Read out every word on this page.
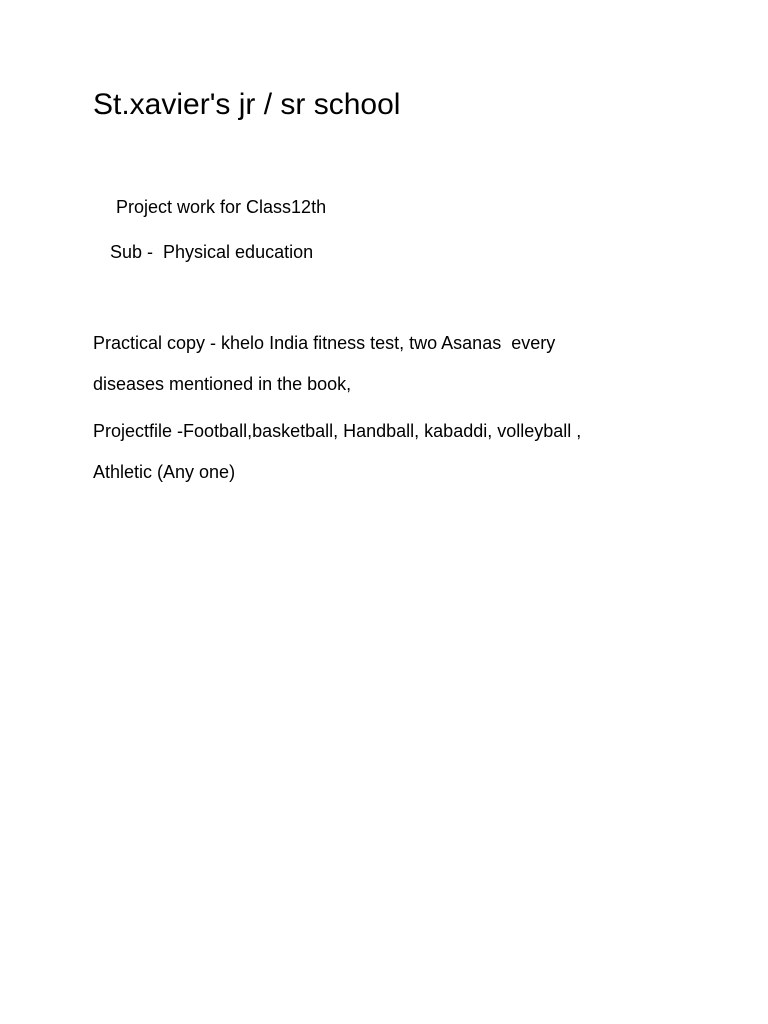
St.xavier's jr / sr school

Project work for Class12th

Sub -  Physical education

Practical copy - khelo India fitness test, two Asanas  every

diseases mentioned in the book,

Projectfile -Football,basketball, Handball, kabaddi, volleyball ,

Athletic (Any one)
